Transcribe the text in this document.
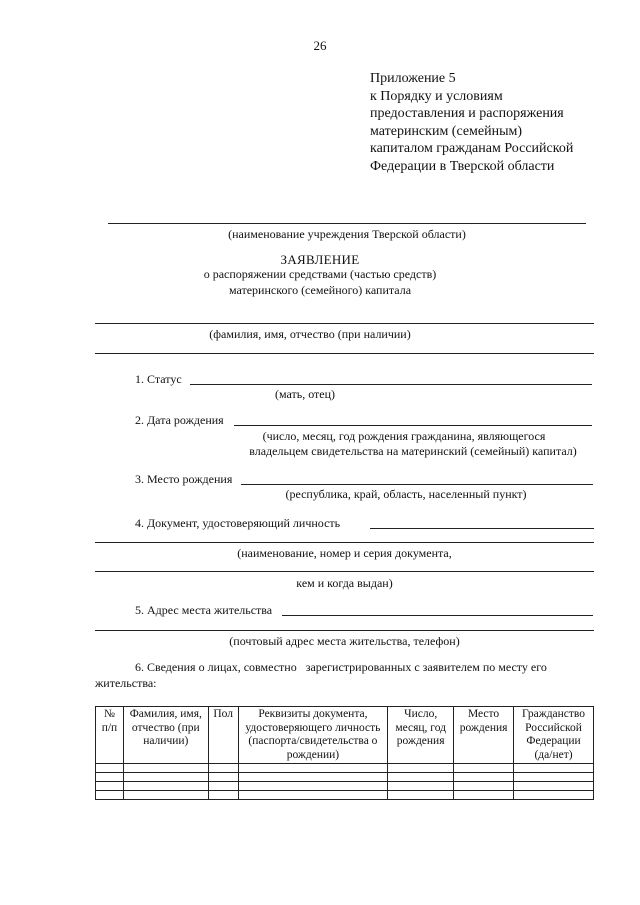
26
Приложение 5
к Порядку и условиям
предоставления и распоряжения
материнским (семейным)
капиталом гражданам Российской
Федерации в Тверской области
(наименование учреждения Тверской области)
ЗАЯВЛЕНИЕ
о распоряжении средствами (частью средств)
материнского (семейного) капитала
(фамилия, имя, отчество (при наличии)
1. Статус
(мать, отец)
2. Дата рождения
(число, месяц, год рождения гражданина, являющегося
владельцем свидетельства на материнский (семейный) капитал)
3. Место рождения
(республика, край, область, населенный пункт)
4. Документ, удостоверяющий личность
(наименование, номер и серия документа,
кем и когда выдан)
5. Адрес места жительства
(почтовый адрес места жительства, телефон)
6. Сведения о лицах, совместно   зарегистрированных с заявителем по месту его
жительства:
№ п/п	Фамилия, имя, отчество (при наличии)	Пол	Реквизиты документа, удостоверяющего личность (паспорта/свидетельства о рождении)	Число, месяц, год рождения	Место рождения	Гражданство Российской Федерации (да/нет)
